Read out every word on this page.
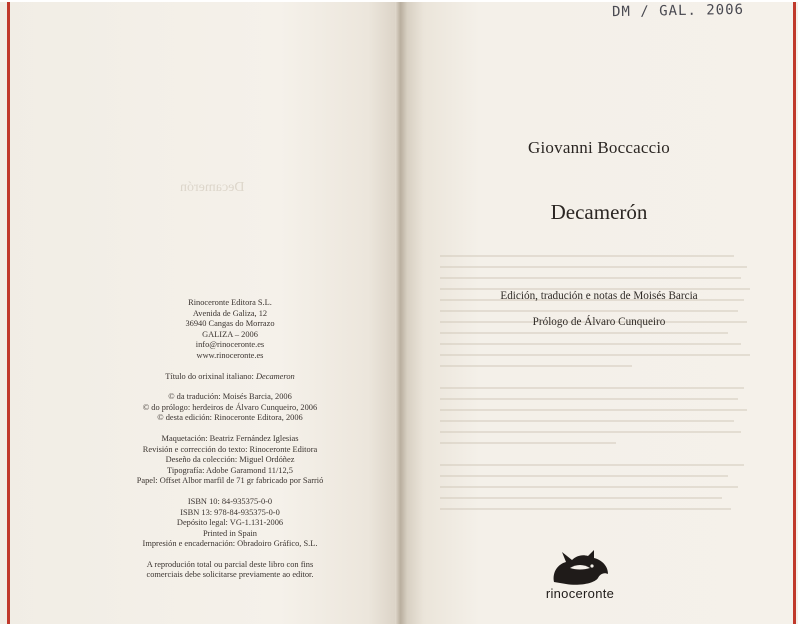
Decamerón
Rinoceronte Editora S.L.
Avenida de Galiza, 12
36940 Cangas do Morrazo
GALIZA – 2006
info@rinoceronte.es
www.rinoceronte.es
Título do orixinal italiano: Decameron
© da tradución: Moisés Barcia, 2006
© do prólogo: herdeiros de Álvaro Cunqueiro, 2006
© desta edición: Rinoceronte Editora, 2006
Maquetación: Beatriz Fernández Iglesias
Revisión e corrección do texto: Rinoceronte Editora
Deseño da colección: Miguel Ordóñez
Tipografía: Adobe Garamond 11/12,5
Papel: Offset Albor marfil de 71 gr fabricado por Sarrió
ISBN 10: 84-935375-0-0
ISBN 13: 978-84-935375-0-0
Depósito legal: VG-1.131-2006
Printed in Spain
Impresión e encadernación: Obradoiro Gráfico, S.L.
A reprodución total ou parcial deste libro con fins
comerciais debe solicitarse previamente ao editor.
DM / GAL. 2006
Giovanni Boccaccio
Decamerón
Edición, tradución e notas de Moisés Barcia
Prólogo de Álvaro Cunqueiro
rinoceronte
